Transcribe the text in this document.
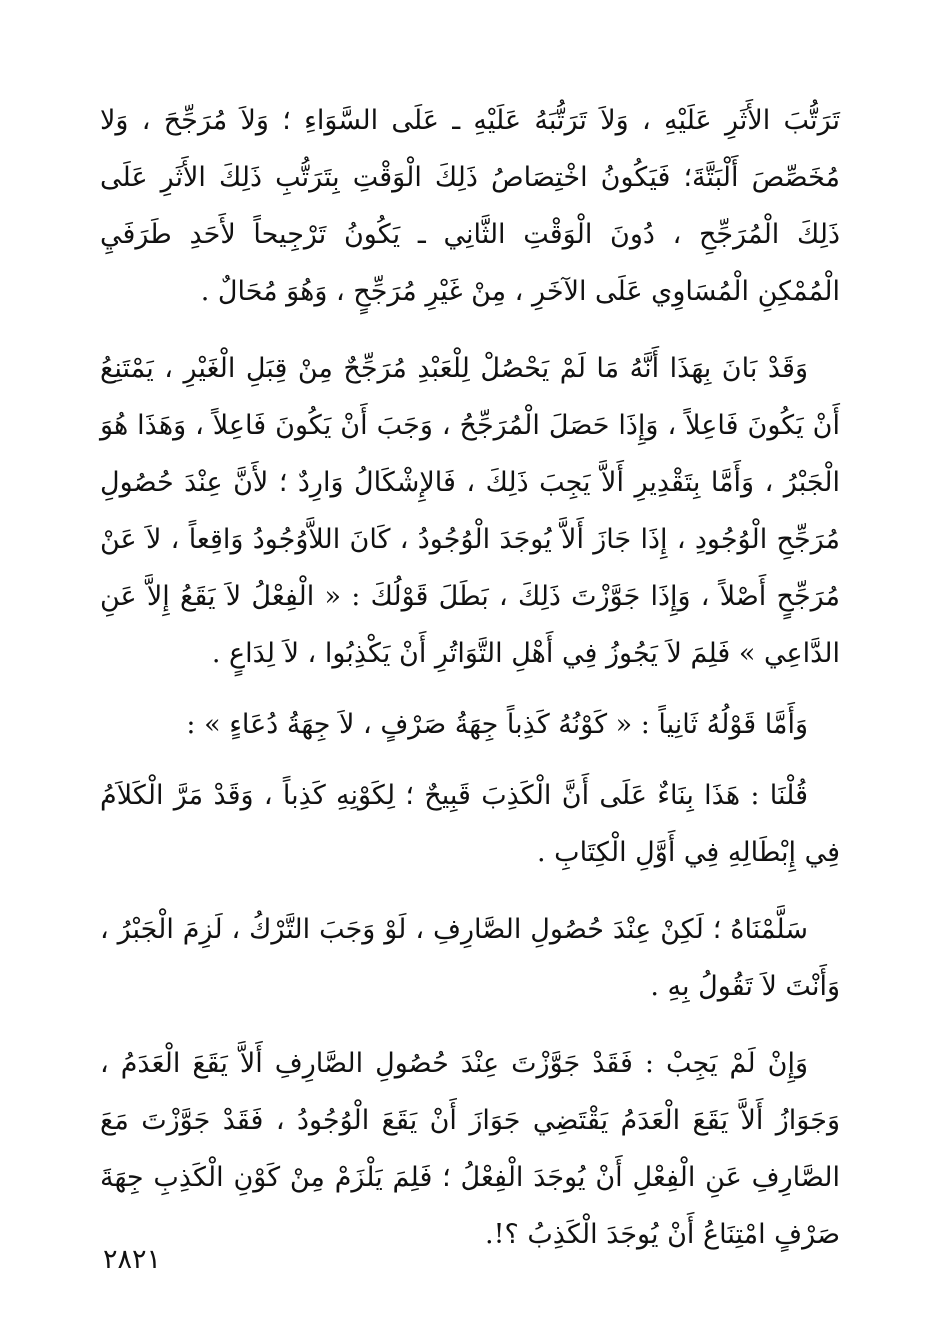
تَرَتُّبَ الأَثَرِ عَلَيْهِ ، وَلاَ تَرَتُّبَهُ عَلَيْهِ ـ عَلَى السَّوَاءِ ؛ وَلاَ مُرَجِّحَ ، وَلا مُخَصِّصَ أَلْبَتَّةَ؛ فَيَكُونُ اخْتِصَاصُ ذَلِكَ الْوَقْتِ بِتَرَتُّبِ ذَلِكَ الأَثَرِ عَلَى ذَلِكَ الْمُرَجِّحِ ، دُونَ الْوَقْتِ الثَّانِي ـ يَكُونُ تَرْجِيحاً لأَحَدِ طَرَفَيِ الْمُمْكِنِ الْمُسَاوِي عَلَى الآخَرِ ، مِنْ غَيْرِ مُرَجِّحٍ ، وَهُوَ مُحَالٌ .

وَقَدْ بَانَ بِهَذَا أَنَّهُ مَا لَمْ يَحْصُلْ لِلْعَبْدِ مُرَجِّحٌ مِنْ قِبَلِ الْغَيْرِ ، يَمْتَنِعُ أَنْ يَكُونَ فَاعِلاً ، وَإِذَا حَصَلَ الْمُرَجِّحُ ، وَجَبَ أَنْ يَكُونَ فَاعِلاً ، وَهَذَا هُوَ الْجَبْرُ ، وَأَمَّا بِتَقْدِيرِ أَلاَّ يَجِبَ ذَلِكَ ، فَالإِشْكَالُ وَارِدٌ ؛ لأَنَّ عِنْدَ حُصُولِ مُرَجِّحِ الْوُجُودِ ، إِذَا جَازَ أَلاَّ يُوجَدَ الْوُجُودُ ، كَانَ اللاَّوُجُودُ وَاقِعاً ، لاَ عَنْ مُرَجِّحٍ أَصْلاً ، وَإِذَا جَوَّزْتَ ذَلِكَ ، بَطَلَ قَوْلُكَ : « الْفِعْلُ لاَ يَقَعُ إِلاَّ عَنِ الدَّاعِي » فَلِمَ لاَ يَجُوزُ فِي أَهْلِ التَّوَاتُرِ أَنْ يَكْذِبُوا ، لاَ لِدَاعٍ .

وَأَمَّا قَوْلُهُ ثَانِياً : « كَوْنُهُ كَذِباً جِهَةُ صَرْفٍ ، لاَ جِهَةُ دُعَاءٍ » :

قُلْنَا : هَذَا بِنَاءٌ عَلَى أَنَّ الْكَذِبَ قَبِيحٌ ؛ لِكَوْنِهِ كَذِباً ، وَقَدْ مَرَّ الْكَلاَمُ فِي إِبْطَالِهِ فِي أَوَّلِ الْكِتَابِ .

سَلَّمْنَاهُ ؛ لَكِنْ عِنْدَ حُصُولِ الصَّارِفِ ، لَوْ وَجَبَ التَّرْكُ ، لَزِمَ الْجَبْرُ ، وَأَنْتَ لاَ تَقُولُ بِهِ .

وَإِنْ لَمْ يَجِبْ : فَقَدْ جَوَّزْتَ عِنْدَ حُصُولِ الصَّارِفِ أَلاَّ يَقَعَ الْعَدَمُ ، وَجَوَازُ أَلاَّ يَقَعَ الْعَدَمُ يَقْتَضِي جَوَازَ أَنْ يَقَعَ الْوُجُودُ ، فَقَدْ جَوَّزْتَ مَعَ الصَّارِفِ عَنِ الْفِعْلِ أَنْ يُوجَدَ الْفِعْلُ ؛ فَلِمَ يَلْزَمْ مِنْ كَوْنِ الْكَذِبِ جِهَةَ صَرْفٍ امْتِنَاعُ أَنْ يُوجَدَ الْكَذِبُ ؟!.

٢٨٢١
